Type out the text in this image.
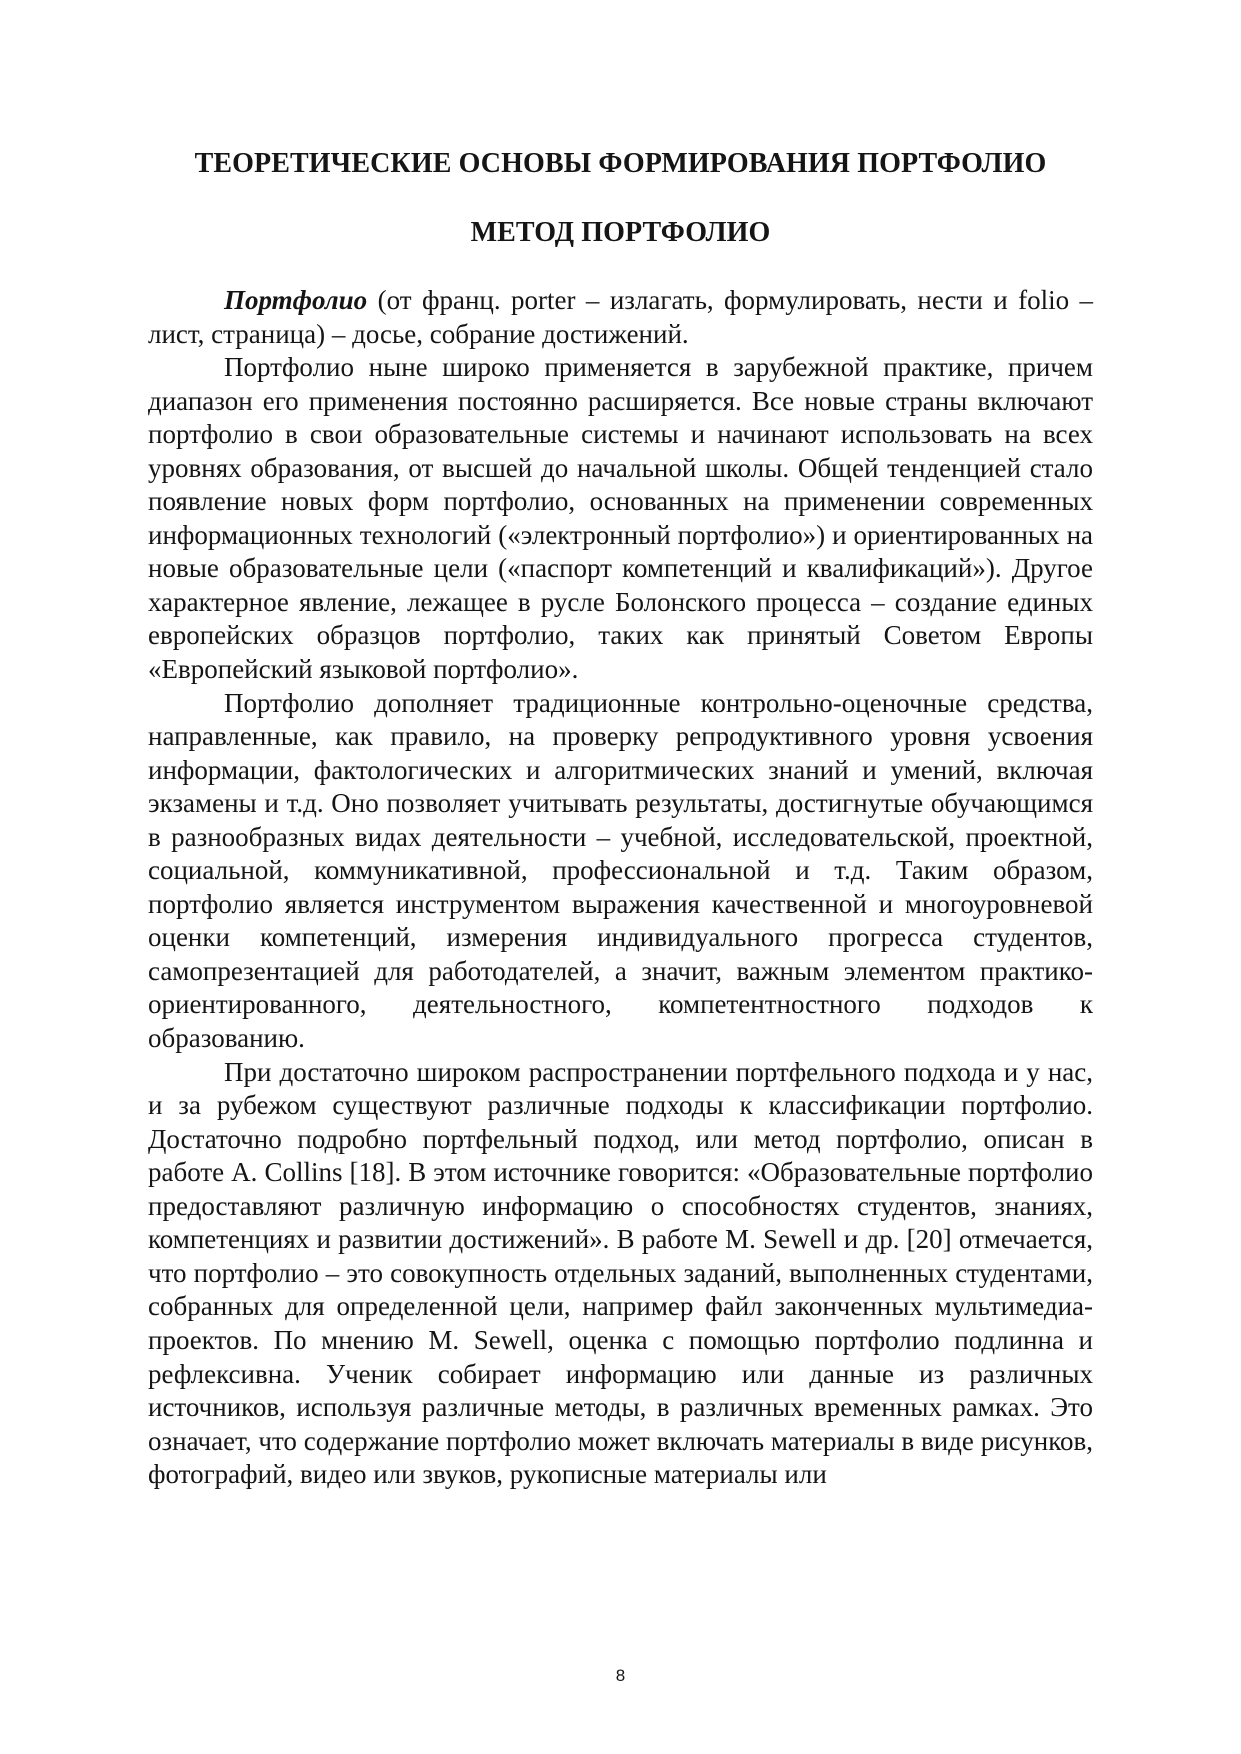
ТЕОРЕТИЧЕСКИЕ ОСНОВЫ ФОРМИРОВАНИЯ ПОРТФОЛИО
МЕТОД ПОРТФОЛИО

Портфолио (от франц. porter – излагать, формулировать, нести и folio – лист, страница) – досье, собрание достижений.

Портфолио ныне широко применяется в зарубежной практике, причем диапазон его применения постоянно расширяется. Все новые страны включают портфолио в свои образовательные системы и начинают использовать на всех уровнях образования, от высшей до начальной школы. Общей тенденцией стало появление новых форм портфолио, основанных на применении современных информационных технологий («электронный портфолио») и ориентированных на новые образовательные цели («паспорт компетенций и квалификаций»). Другое характерное явление, лежащее в русле Болонского процесса – создание единых европейских образцов портфолио, таких как принятый Советом Европы «Европейский языковой портфолио».

Портфолио дополняет традиционные контрольно-оценочные средства, направленные, как правило, на проверку репродуктивного уровня усвоения информации, фактологических и алгоритмических знаний и умений, включая экзамены и т.д. Оно позволяет учитывать результаты, достигнутые обучающимся в разнообразных видах деятельности – учебной, исследовательской, проектной, социальной, коммуникативной, профессиональной и т.д. Таким образом, портфолио является инструментом выражения качественной и многоуровневой оценки компетенций, измерения индивидуального прогресса студентов, самопрезентацией для работодателей, а значит, важным элементом практико-ориентированного, деятельностного, компетентностного подходов к образованию.

При достаточно широком распространении портфельного подхода и у нас, и за рубежом существуют различные подходы к классификации портфолио. Достаточно подробно портфельный подход, или метод портфолио, описан в работе A. Collins [18]. В этом источнике говорится: «Образовательные портфолио предоставляют различную информацию о способностях студентов, знаниях, компетенциях и развитии достижений». В работе M. Sewell и др. [20] отмечается, что портфолио – это совокупность отдельных заданий, выполненных студентами, собранных для определенной цели, например файл законченных мультимедиа-проектов. По мнению M. Sewell, оценка с помощью портфолио подлинна и рефлексивна. Ученик собирает информацию или данные из различных источников, используя различные методы, в различных временных рамках. Это означает, что содержание портфолио может включать материалы в виде рисунков, фотографий, видео или звуков, рукописные материалы или

8
